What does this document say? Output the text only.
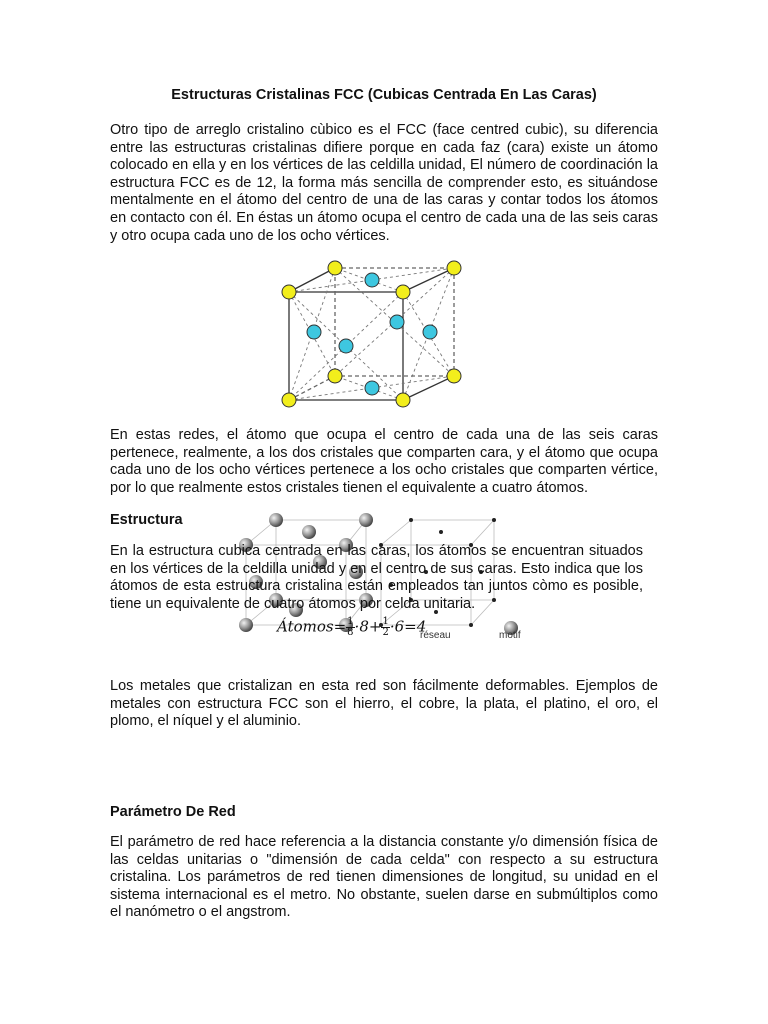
Estructuras Cristalinas FCC (Cubicas Centrada En Las Caras)

Otro tipo de arreglo cristalino cùbico es el FCC (face centred cubic), su diferencia entre las estructuras cristalinas difiere porque en cada faz (cara) existe un átomo colocado en ella y en los vértices de las celdilla unidad, El número de coordinación la estructura FCC es de 12, la forma más sencilla de comprender esto, es situándose mentalmente en el átomo del centro de una de las caras y contar todos los átomos en contacto con él. En éstas un átomo ocupa el centro de cada una de las seis caras y otro ocupa cada uno de los ocho vértices.

En estas redes, el átomo que ocupa el centro de cada una de las seis caras pertenece, realmente, a los dos cristales que comparten cara, y el átomo que ocupa cada uno de los ocho vértices pertenece a los ocho cristales que comparten vértice, por lo que realmente estos cristales tienen el equivalente a cuatro átomos.

Estructura

En la estructura cubica centrada en las caras, los átomos se encuentran situados en los vértices de la celdilla unidad y en el centro de sus caras. Esto indica que los átomos de esta estructura cristalina están empleados tan juntos còmo es posible, tiene un equivalente de cuatro átomos por celda unitaria.

Átomos= $\frac{1}{8} \cdot 8+ \frac{1}{2} \cdot 6=4$
réseau	motif

Los metales que cristalizan en esta red son fácilmente deformables. Ejemplos de metales con estructura FCC son el hierro, el cobre, la plata, el platino, el oro, el plomo, el níquel y el aluminio.

Parámetro De Red

El parámetro de red hace referencia a la distancia constante y/o dimensión física de las celdas unitarias o "dimensión de cada celda" con respecto a su estructura cristalina. Los parámetros de red tienen dimensiones de longitud, su unidad en el sistema internacional es el metro. No obstante, suelen darse en submúltiplos como el nanómetro o el angstrom.
